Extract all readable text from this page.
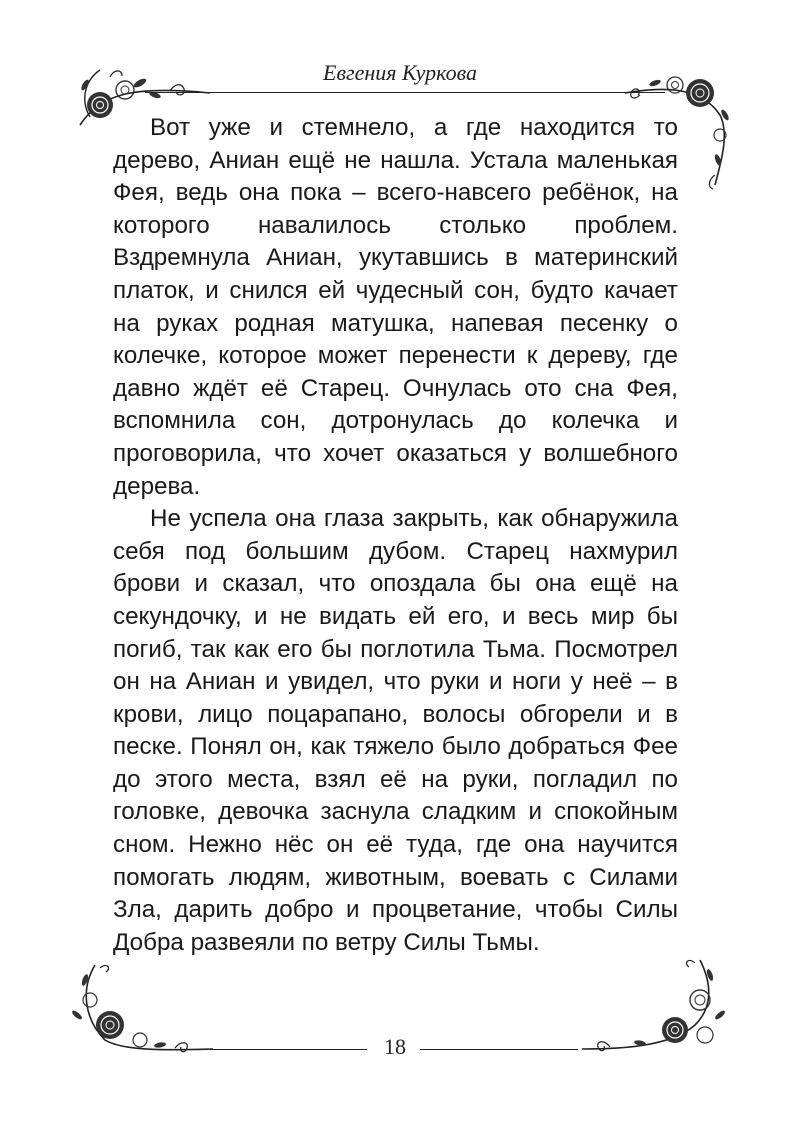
Евгения Куркова

Вот уже и стемнело, а где находится то дерево, Аниан ещё не нашла. Устала маленькая Фея, ведь она пока – всего-навсего ребёнок, на которого навалилось столько проблем. Вздремнула Аниан, укутавшись в материнский платок, и снился ей чудесный сон, будто качает на руках родная матушка, напевая песенку о колечке, которое может перенести к дереву, где давно ждёт её Старец. Очнулась ото сна Фея, вспомнила сон, дотронулась до колечка и проговорила, что хочет оказаться у волшебного дерева.

Не успела она глаза закрыть, как обнаружила себя под большим дубом. Старец нахмурил брови и сказал, что опоздала бы она ещё на секундочку, и не видать ей его, и весь мир бы погиб, так как его бы поглотила Тьма. Посмотрел он на Аниан и увидел, что руки и ноги у неё – в крови, лицо поцарапано, волосы обгорели и в песке. Понял он, как тяжело было добраться Фее до этого места, взял её на руки, погладил по головке, девочка заснула сладким и спокойным сном. Нежно нёс он её туда, где она научится помогать людям, животным, воевать с Силами Зла, дарить добро и процветание, чтобы Силы Добра развеяли по ветру Силы Тьмы.

18
